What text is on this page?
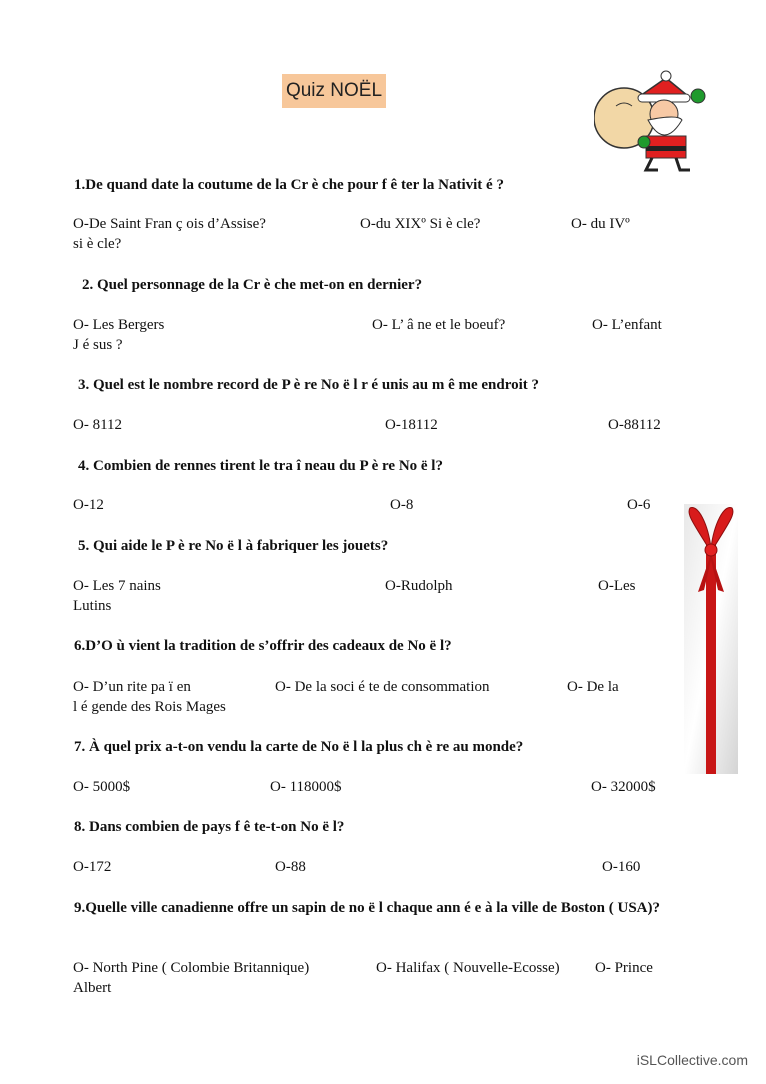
Quiz NOËL
1.De quand date la coutume de la Cr è che pour f ê ter la Nativit é ?
O-De Saint Fran ç ois d’Assise?	O-du XIXº Si è cle?	O- du IVº
si è cle?
2. Quel personnage de la Cr è che met-on en dernier?
O- Les Bergers	O- L’ â ne et le boeuf?	O- L’enfant
J é sus ?
3. Quel est le nombre record de P è re No ë l r é unis au m ê me endroit ?
O- 8112	O-18112	O-88112
4. Combien de rennes tirent le tra î neau du P è re No ë l?
O-12	O-8	O-6
5. Qui aide le P è re No ë l à fabriquer les jouets?
O- Les 7 nains	O-Rudolph	O-Les
Lutins
6.D’O ù vient la tradition de s’offrir des cadeaux de No ë l?
O- D’un rite pa ï en	O- De la soci é te de consommation	O- De la
l é gende des Rois Mages
7. À quel prix a-t-on vendu la carte de No ë l la plus ch è re au monde?
O- 5000$	O- 118000$	O- 32000$
8. Dans combien de pays f ê te-t-on No ë l?
O-172	O-88	O-160
9.Quelle ville canadienne offre un sapin de no ë l chaque ann é e à la ville de Boston ( USA)?
O- North Pine ( Colombie Britannique)	O- Halifax ( Nouvelle-Ecosse) O- Prince
Albert
iSLCollective.com
